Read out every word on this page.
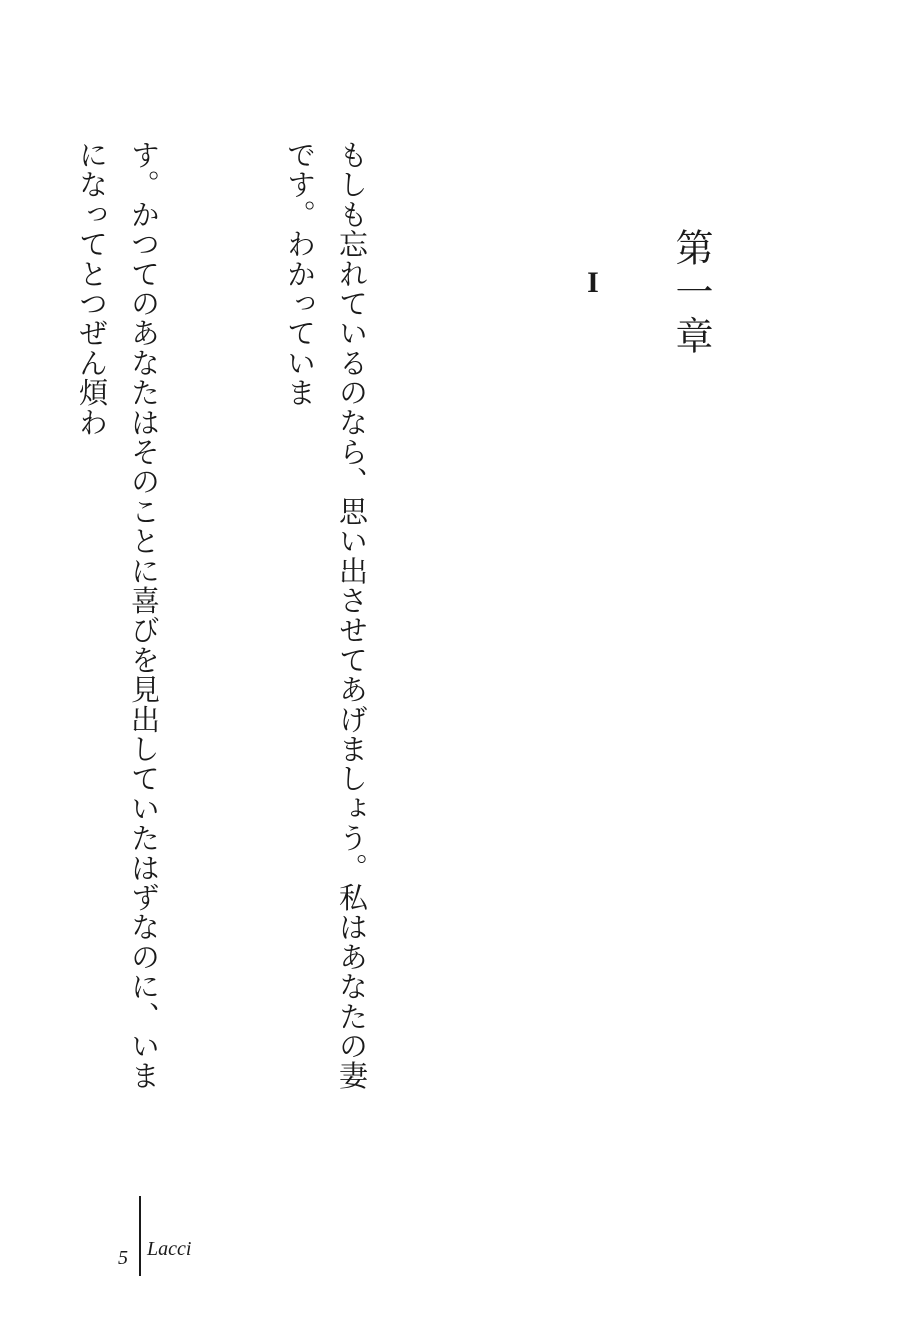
第一章
I

もしも忘れているのなら、思い出させてあげましょう。私はあなたの妻です。わかっていま

す。かつてのあなたはそのことに喜びを見出していたはずなのに、いまになってとつぜん煩わ

5 Lacci
